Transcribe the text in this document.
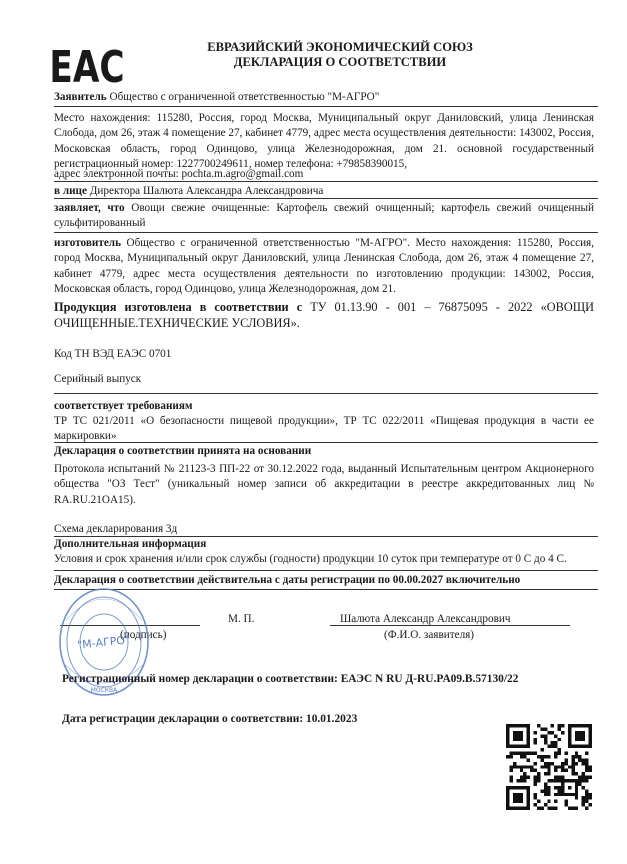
EAC	ЕВРАЗИЙСКИЙ ЭКОНОМИЧЕСКИЙ СОЮЗ
ДЕКЛАРАЦИЯ О СООТВЕТСТВИИ
Заявитель Общество с ограниченной ответственностью "М-АГРО"
Место нахождения: 115280, Россия, город Москва, Муниципальный округ Даниловский, улица Ленинская Слобода, дом 26, этаж 4 помещение 27, кабинет 4779, адрес места осуществления деятельности: 143002, Россия, Московская область, город Одинцово, улица Железнодорожная, дом 21. основной государственный регистрационный номер: 1227700249611, номер телефона: +79858390015,
адрес электронной почты: pochta.m.agro@gmail.com
в лице Директора Шалюта Александра Александровича
заявляет, что Овощи свежие очищенные: Картофель свежий очищенный; картофель свежий очищенный сульфитированный
изготовитель Общество с ограниченной ответственностью "М-АГРО". Место нахождения: 115280, Россия, город Москва, Муниципальный округ Даниловский, улица Ленинская Слобода, дом 26, этаж 4 помещение 27, кабинет 4779, адрес места осуществления деятельности по изготовлению продукции: 143002, Россия, Московская область, город Одинцово, улица Железнодорожная, дом 21.
Продукция изготовлена в соответствии с ТУ 01.13.90 - 001 – 76875095 - 2022 «ОВОЩИ ОЧИЩЕННЫЕ.ТЕХНИЧЕСКИЕ УСЛОВИЯ».
Код ТН ВЭД ЕАЭС 0701
Серийный выпуск
соответствует требованиям
ТР ТС 021/2011 «О безопасности пищевой продукции», ТР ТС 022/2011 «Пищевая продукция в части ее маркировки»
Декларация о соответствии принята на основании
Протокола испытаний № 21123-3 ПП-22 от 30.12.2022 года, выданный Испытательным центром Акционерного общества "ОЗ Тест" (уникальный номер записи об аккредитации в реестре аккредитованных лиц № RA.RU.21OA15).
Схема декларирования 3д
Дополнительная информация
Условия и срок хранения и/или срок службы (годности) продукции 10 суток при температуре от 0 С до 4 С.
Декларация о соответствии действительна с даты регистрации по 00.00.2027 включительно
М. П.	Шалюта Александр Александрович
(подпись)	(Ф.И.О. заявителя)
"М-АГРО"
МОСКВА
Регистрационный номер декларации о соответствии: ЕАЭС N RU Д-RU.PA09.B.57130/22
Дата регистрации декларации о соответствии: 10.01.2023
